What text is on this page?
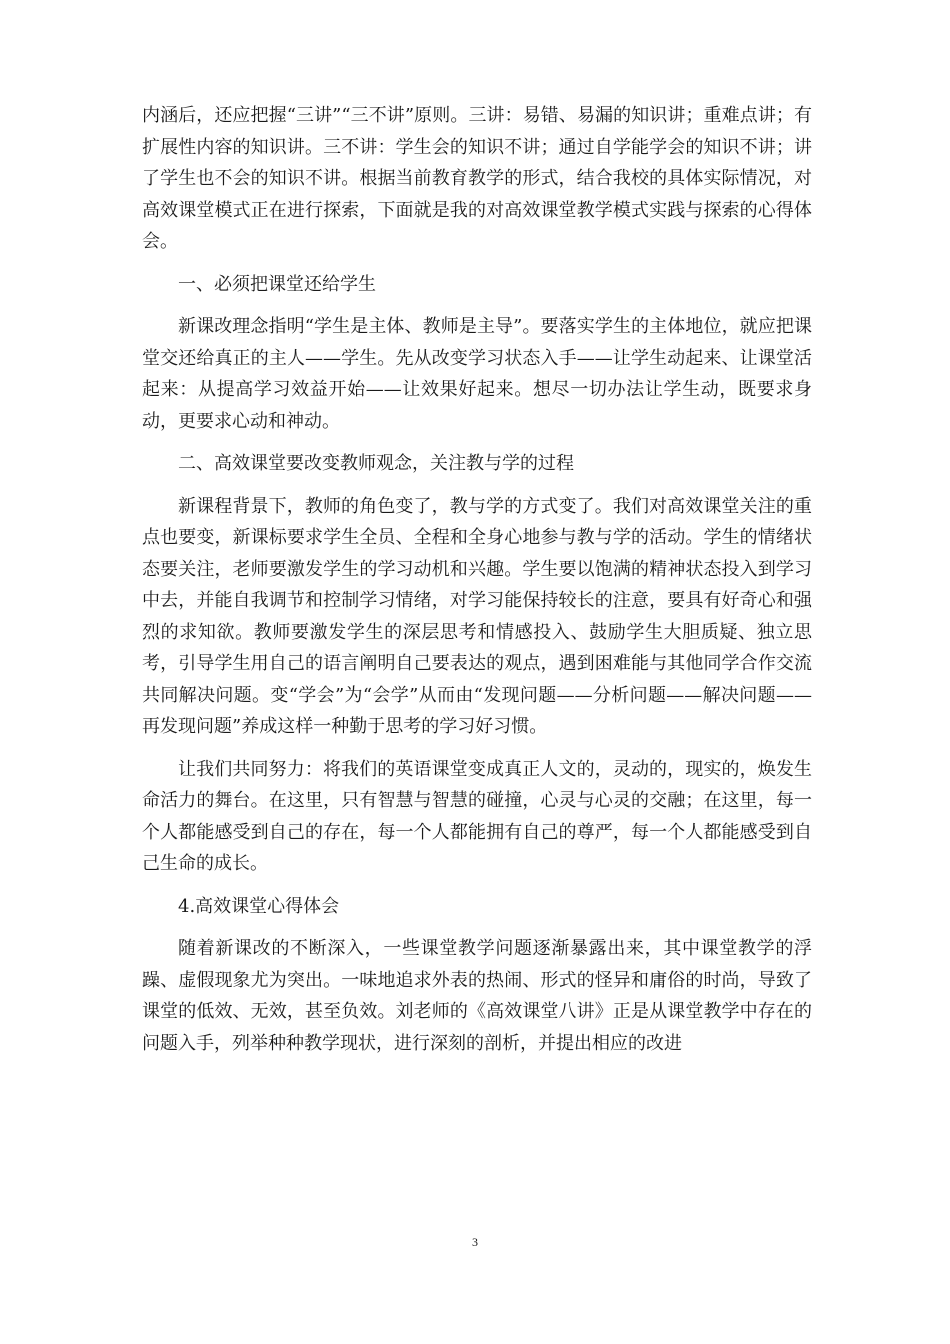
内涵后，还应把握“三讲”“三不讲”原则。三讲：易错、易漏的知识讲；重难点讲；有扩展性内容的知识讲。三不讲：学生会的知识不讲；通过自学能学会的知识不讲；讲了学生也不会的知识不讲。根据当前教育教学的形式，结合我校的具体实际情况，对高效课堂模式正在进行探索，下面就是我的对高效课堂教学模式实践与探索的心得体会。

一、必须把课堂还给学生

新课改理念指明“学生是主体、教师是主导”。要落实学生的主体地位，就应把课堂交还给真正的主人——学生。先从改变学习状态入手——让学生动起来、让课堂活起来：从提高学习效益开始——让效果好起来。想尽一切办法让学生动，既要求身动，更要求心动和神动。

二、高效课堂要改变教师观念，关注教与学的过程

新课程背景下，教师的角色变了，教与学的方式变了。我们对高效课堂关注的重点也要变，新课标要求学生全员、全程和全身心地参与教与学的活动。学生的情绪状态要关注，老师要激发学生的学习动机和兴趣。学生要以饱满的精神状态投入到学习中去，并能自我调节和控制学习情绪，对学习能保持较长的注意，要具有好奇心和强烈的求知欲。教师要激发学生的深层思考和情感投入、鼓励学生大胆质疑、独立思考，引导学生用自己的语言阐明自己要表达的观点，遇到困难能与其他同学合作交流共同解决问题。变“学会”为“会学”从而由“发现问题——分析问题——解决问题——再发现问题”养成这样一种勤于思考的学习好习惯。

让我们共同努力：将我们的英语课堂变成真正人文的，灵动的，现实的，焕发生命活力的舞台。在这里，只有智慧与智慧的碰撞，心灵与心灵的交融；在这里，每一个人都能感受到自己的存在，每一个人都能拥有自己的尊严，每一个人都能感受到自己生命的成长。

4.高效课堂心得体会

随着新课改的不断深入，一些课堂教学问题逐渐暴露出来，其中课堂教学的浮躁、虚假现象尤为突出。一味地追求外表的热闹、形式的怪异和庸俗的时尚，导致了课堂的低效、无效，甚至负效。刘老师的《高效课堂八讲》正是从课堂教学中存在的问题入手，列举种种教学现状，进行深刻的剖析，并提出相应的改进

3
